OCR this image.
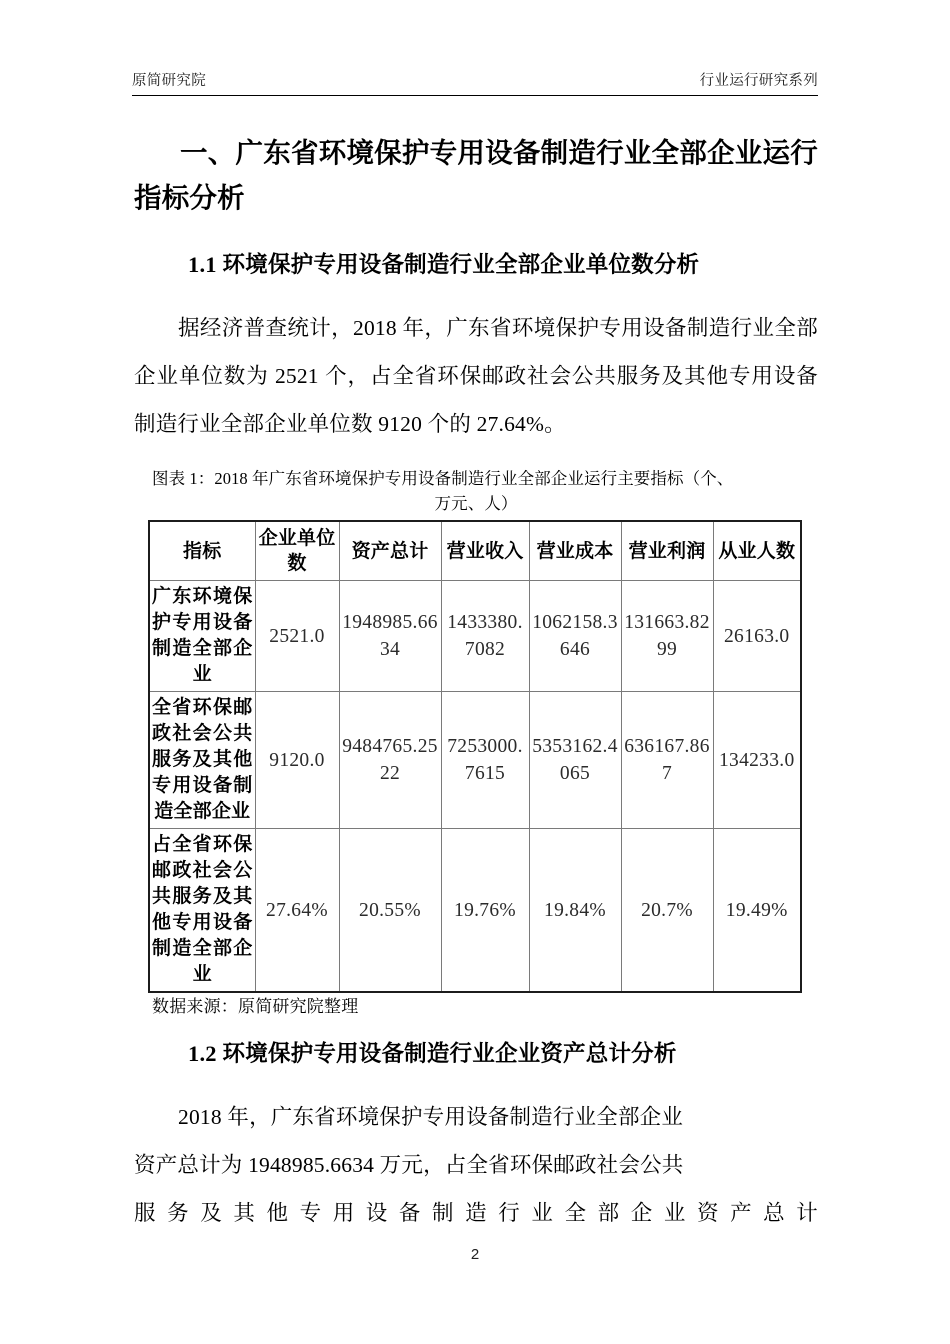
原简研究院	行业运行研究系列
一、广东省环境保护专用设备制造行业全部企业运行指标分析
1.1 环境保护专用设备制造行业全部企业单位数分析

据经济普查统计，2018 年，广东省环境保护专用设备制造行业全部企业单位数为 2521 个，占全省环保邮政社会公共服务及其他专用设备制造行业全部企业单位数 9120 个的 27.64%。

图表 1：2018 年广东省环境保护专用设备制造行业全部企业运行主要指标（个、
万元、人）
指标	企业单位数	资产总计	营业收入	营业成本	营业利润	从业人数

广东环境保护专用设备制造全部企业	2521.0	1948985.6634	1433380.7082	1062158.3646	131663.8299	26163.0

全省环保邮政社会公共服务及其他专用设备制造全部企业	9120.0	9484765.2522	7253000.7615	5353162.4065	636167.867	134233.0

占全省环保邮政社会公共服务及其他专用设备制造全部企业	27.64%	20.55%	19.76%	19.84%	20.7%	19.49%

数据来源：原简研究院整理

1.2 环境保护专用设备制造行业企业资产总计分析

2018 年，广东省环境保护专用设备制造行业全部企业

资产总计为 1948985.6634 万元，占全省环保邮政社会公共

服务及其他专用设备制造行业全部企业资产总计

2
